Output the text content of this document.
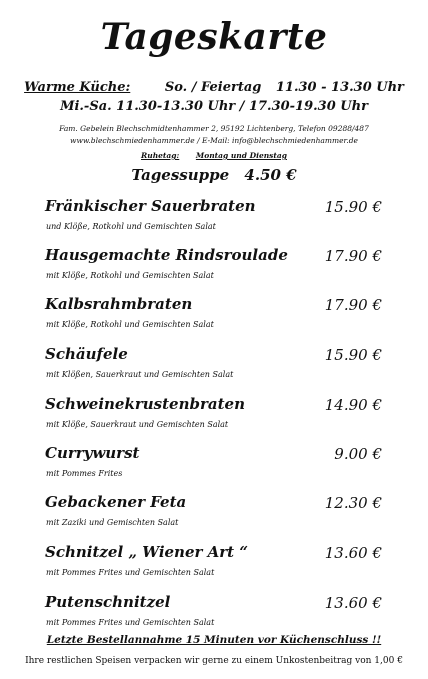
Tageskarte
Warme Küche:	So. / Feiertag 11.30 - 13.30 Uhr
Mi.-Sa. 11.30-13.30 Uhr / 17.30-19.30 Uhr
Fam. Gebelein Blechschmidtenhammer 2, 95192 Lichtenberg, Telefon 09288/487
www.blechschmiedenhammer.de / E-Mail: info@blechschmiedenhammer.de
Ruhetag: Montag und Dienstag
Tagessuppe 4.50 €
Fränkischer Sauerbraten	15.90 €
und Klöße, Rotkohl und Gemischten Salat
Hausgemachte Rindsroulade 17.90 €
mit Klöße, Rotkohl und Gemischten Salat
Kalbsrahmbraten	17.90 €
mit Klöße, Rotkohl und Gemischten Salat
Schäufele	15.90 €
mit Klößen, Sauerkraut und Gemischten Salat
Schweinekrustenbraten	14.90 €
mit Klöße, Sauerkraut und Gemischten Salat
Currywurst	9.00 €
mit Pommes Frites
Gebackener Feta	12.30 €
mit Zaziki und Gemischten Salat
Schnitzel „ Wiener Art “	13.60 €
mit Pommes Frites und Gemischten Salat
Putenschnitzel	13.60 €
mit Pommes Frites und Gemischten Salat
Letzte Bestellannahme 15 Minuten vor Küchenschluss !!
Ihre restlichen Speisen verpacken wir gerne zu einem Unkostenbeitrag von 1,00 €
